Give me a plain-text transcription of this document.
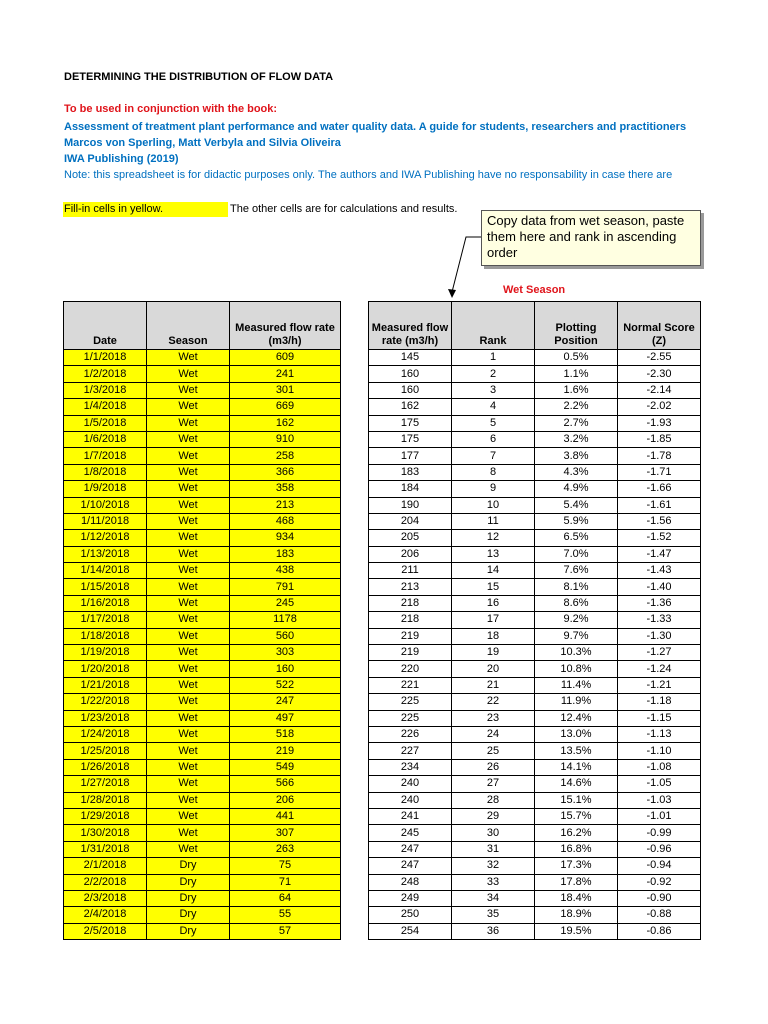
DETERMINING THE DISTRIBUTION OF FLOW DATA
To be used in conjunction with the book:
Assessment of treatment plant performance and water quality data. A guide for students, researchers and practitioners
Marcos von Sperling, Matt Verbyla and Silvia Oliveira
IWA Publishing (2019)
Note: this spreadsheet is for didactic purposes only. The authors and IWA Publishing have no responsability in case there are
Fill-in cells in yellow.	The other cells are for calculations and results.
Copy data from wet season, paste them here and rank in ascending order
Wet Season
Date	Season	Measured flow rate (m3/h)
1/1/2018	Wet	609
1/2/2018	Wet	241
1/3/2018	Wet	301
1/4/2018	Wet	669
1/5/2018	Wet	162
1/6/2018	Wet	910
1/7/2018	Wet	258
1/8/2018	Wet	366
1/9/2018	Wet	358
1/10/2018	Wet	213
1/11/2018	Wet	468
1/12/2018	Wet	934
1/13/2018	Wet	183
1/14/2018	Wet	438
1/15/2018	Wet	791
1/16/2018	Wet	245
1/17/2018	Wet	1178
1/18/2018	Wet	560
1/19/2018	Wet	303
1/20/2018	Wet	160
1/21/2018	Wet	522
1/22/2018	Wet	247
1/23/2018	Wet	497
1/24/2018	Wet	518
1/25/2018	Wet	219
1/26/2018	Wet	549
1/27/2018	Wet	566
1/28/2018	Wet	206
1/29/2018	Wet	441
1/30/2018	Wet	307
1/31/2018	Wet	263
2/1/2018	Dry	75
2/2/2018	Dry	71
2/3/2018	Dry	64
2/4/2018	Dry	55
2/5/2018	Dry	57
Measured flow rate (m3/h)	Rank	Plotting Position	Normal Score (Z)
145	1	0.5%	-2.55
160	2	1.1%	-2.30
160	3	1.6%	-2.14
162	4	2.2%	-2.02
175	5	2.7%	-1.93
175	6	3.2%	-1.85
177	7	3.8%	-1.78
183	8	4.3%	-1.71
184	9	4.9%	-1.66
190	10	5.4%	-1.61
204	11	5.9%	-1.56
205	12	6.5%	-1.52
206	13	7.0%	-1.47
211	14	7.6%	-1.43
213	15	8.1%	-1.40
218	16	8.6%	-1.36
218	17	9.2%	-1.33
219	18	9.7%	-1.30
219	19	10.3%	-1.27
220	20	10.8%	-1.24
221	21	11.4%	-1.21
225	22	11.9%	-1.18
225	23	12.4%	-1.15
226	24	13.0%	-1.13
227	25	13.5%	-1.10
234	26	14.1%	-1.08
240	27	14.6%	-1.05
240	28	15.1%	-1.03
241	29	15.7%	-1.01
245	30	16.2%	-0.99
247	31	16.8%	-0.96
247	32	17.3%	-0.94
248	33	17.8%	-0.92
249	34	18.4%	-0.90
250	35	18.9%	-0.88
254	36	19.5%	-0.86
